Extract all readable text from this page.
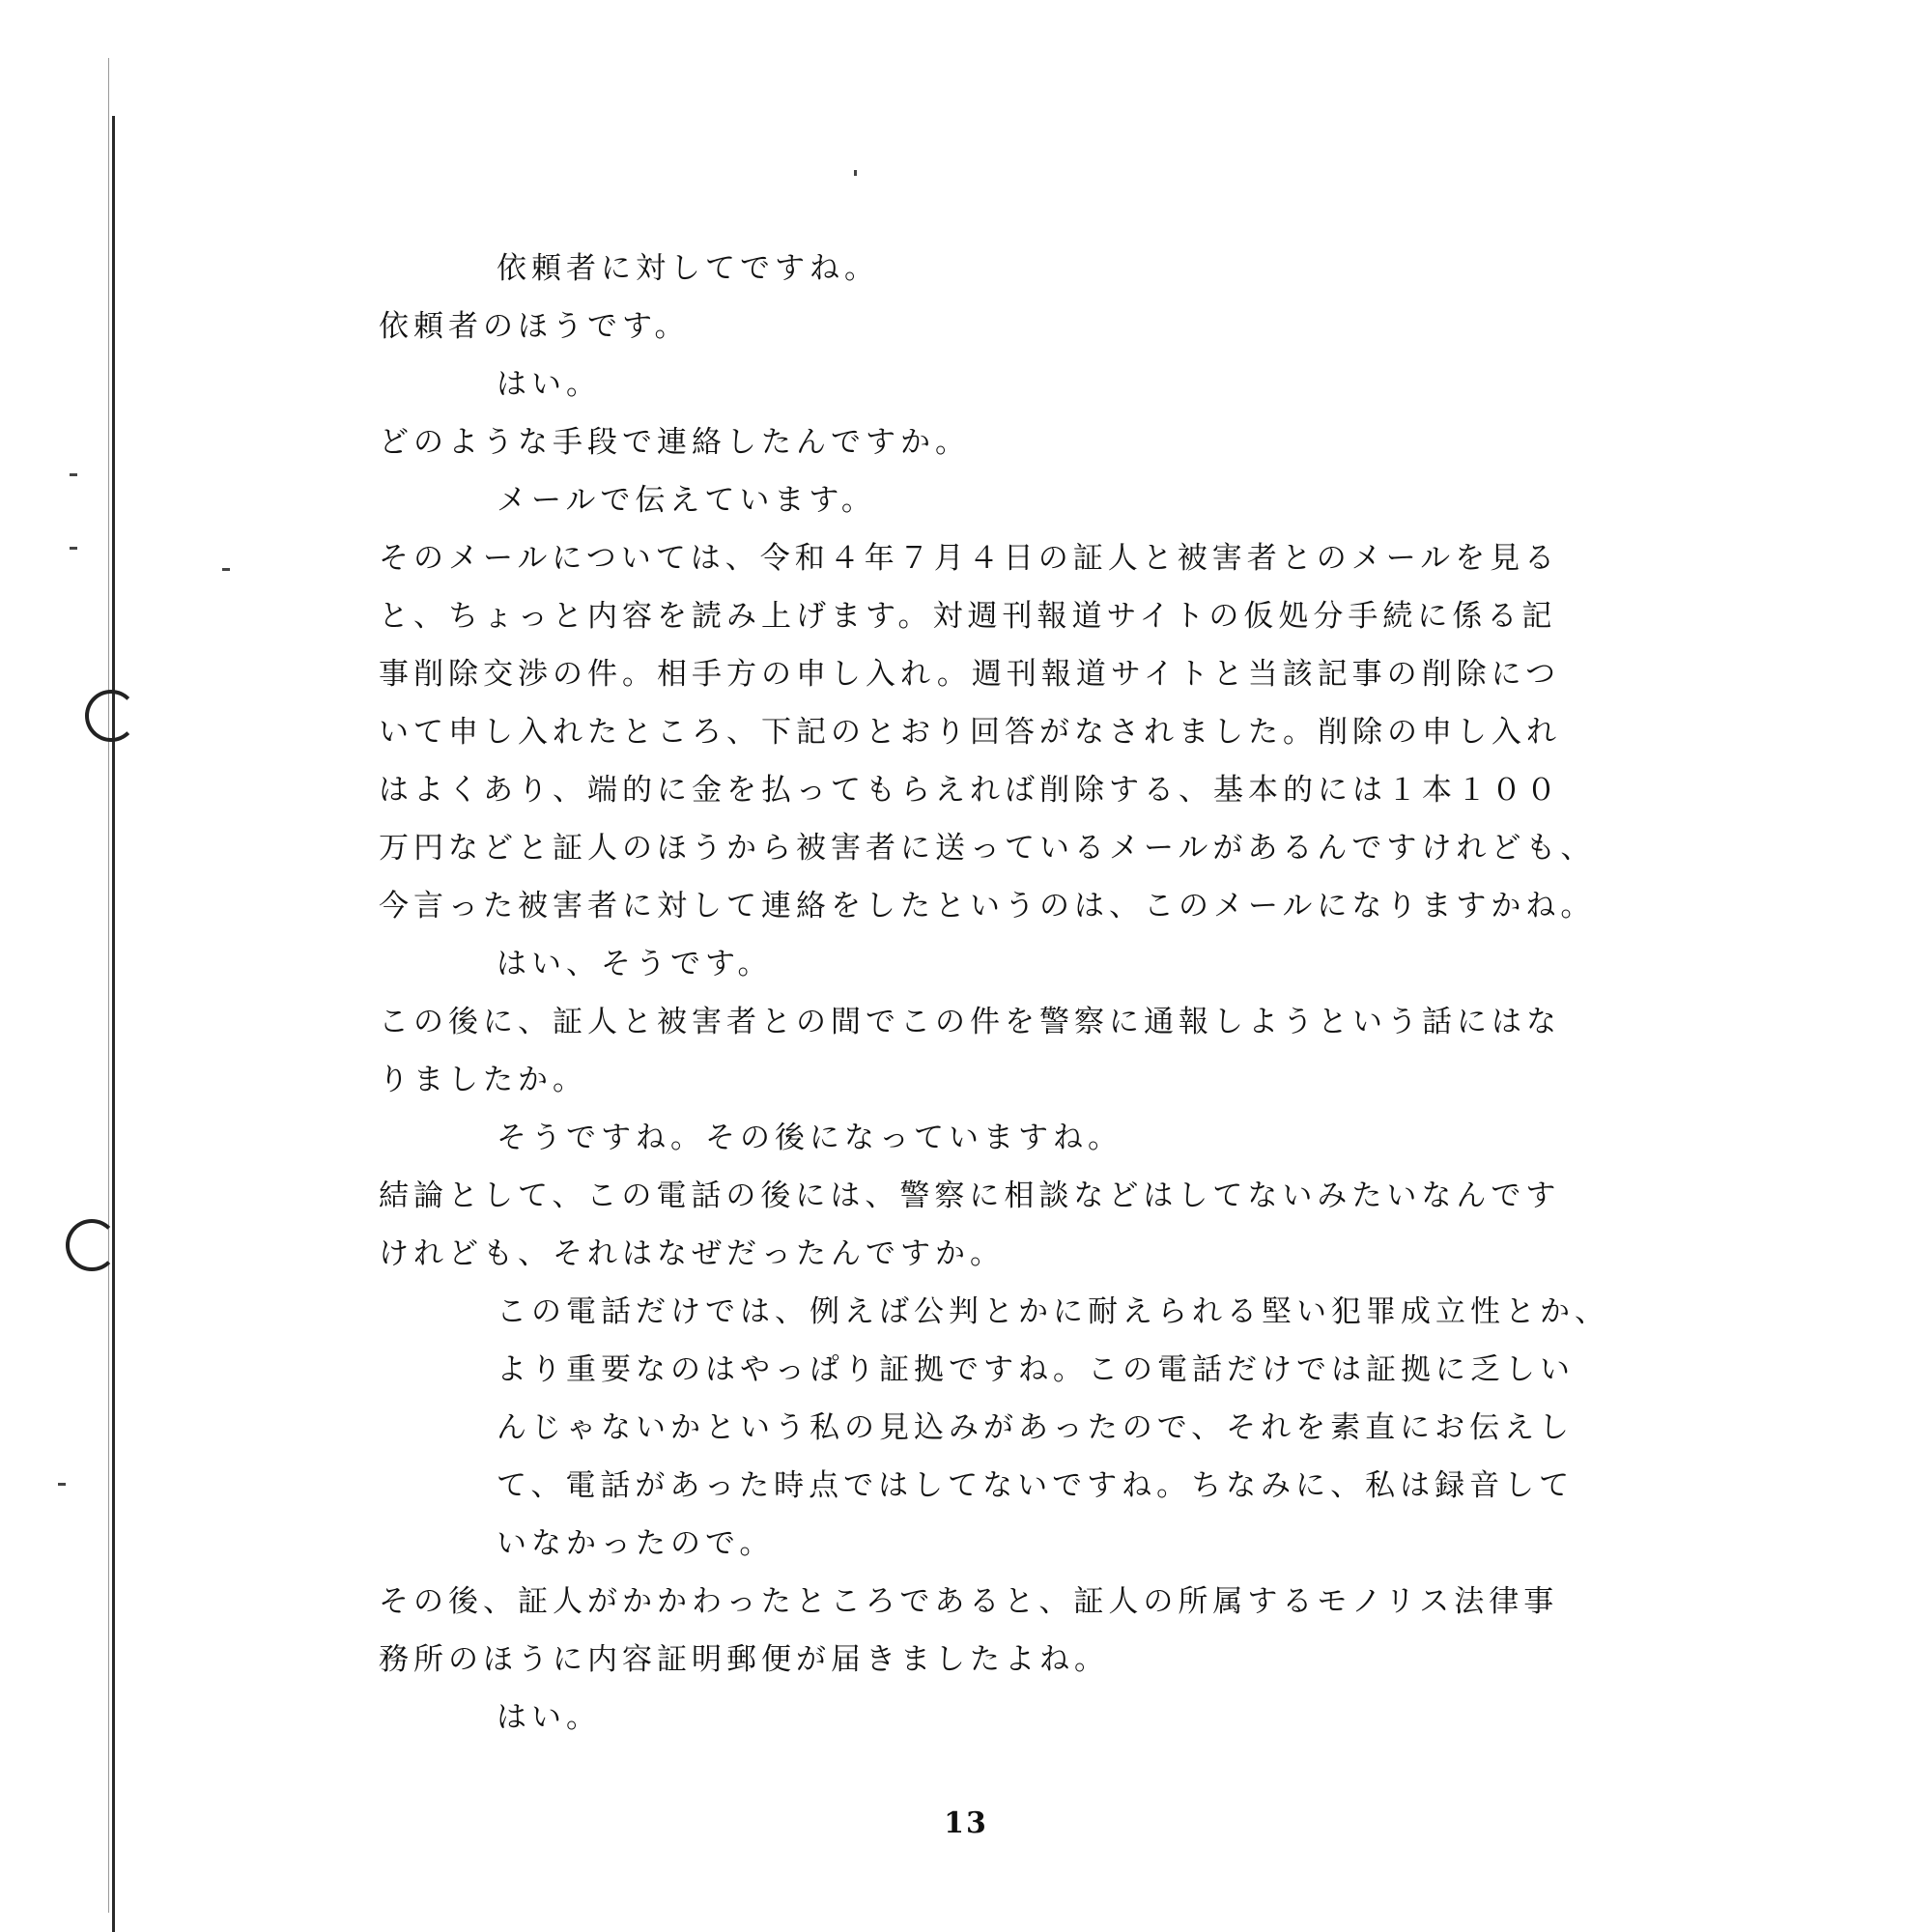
依頼者に対してですね。
依頼者のほうです。
はい。
どのような手段で連絡したんですか。
メールで伝えています。
そのメールについては、令和４年７月４日の証人と被害者とのメールを見る
と、ちょっと内容を読み上げます。対週刊報道サイトの仮処分手続に係る記
事削除交渉の件。相手方の申し入れ。週刊報道サイトと当該記事の削除につ
いて申し入れたところ、下記のとおり回答がなされました。削除の申し入れ
はよくあり、端的に金を払ってもらえれば削除する、基本的には１本１００
万円などと証人のほうから被害者に送っているメールがあるんですけれども、
今言った被害者に対して連絡をしたというのは、このメールになりますかね。
はい、そうです。
この後に、証人と被害者との間でこの件を警察に通報しようという話にはな
りましたか。
そうですね。その後になっていますね。
結論として、この電話の後には、警察に相談などはしてないみたいなんです
けれども、それはなぜだったんですか。
この電話だけでは、例えば公判とかに耐えられる堅い犯罪成立性とか、
より重要なのはやっぱり証拠ですね。この電話だけでは証拠に乏しい
んじゃないかという私の見込みがあったので、それを素直にお伝えし
て、電話があった時点ではしてないですね。ちなみに、私は録音して
いなかったので。
その後、証人がかかわったところであると、証人の所属するモノリス法律事
務所のほうに内容証明郵便が届きましたよね。
はい。
13
